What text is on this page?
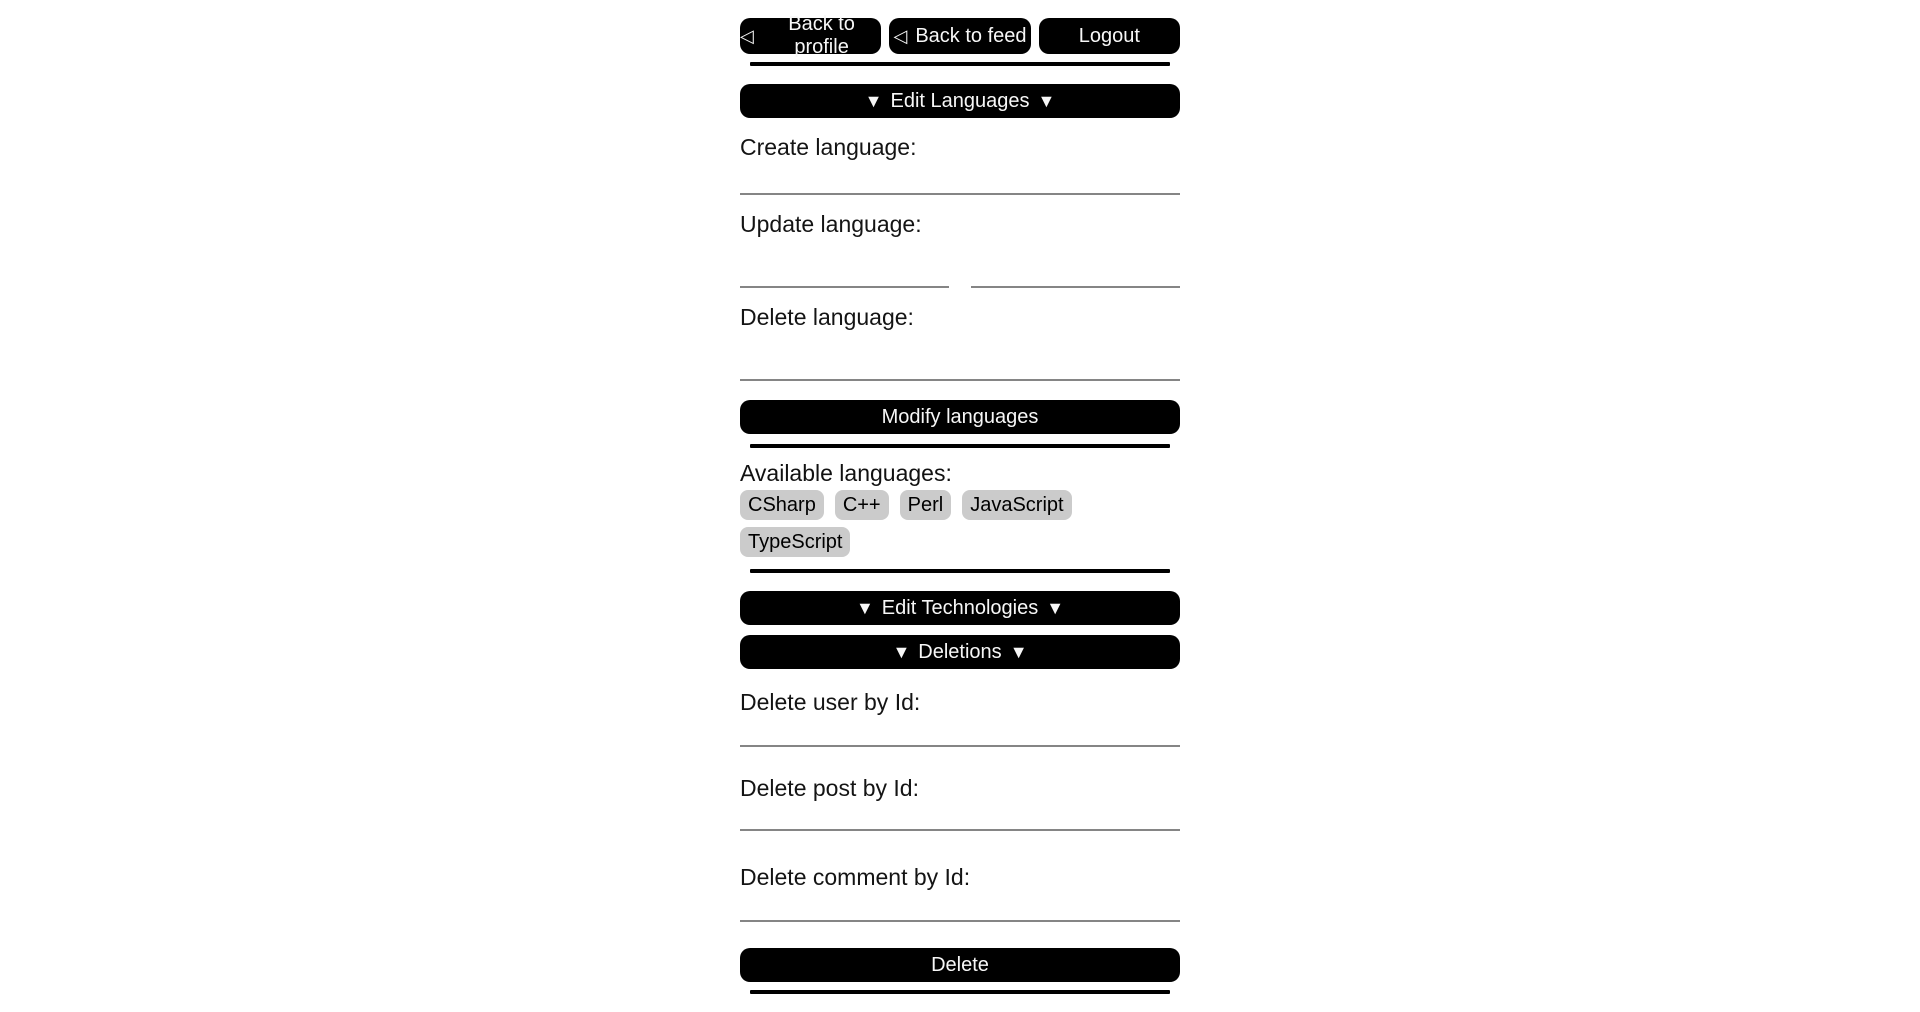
◁
Back to profile
◁ Back to feed	Logout
▼ Edit Languages ▼
Create language:
Update language:
Delete language:
Modify languages
Available languages:
CSharp	C++	Perl	JavaScript
TypeScript
▼ Edit Technologies ▼
▼ Deletions ▼
Delete user by Id:
Delete post by Id:
Delete comment by Id:
Delete
